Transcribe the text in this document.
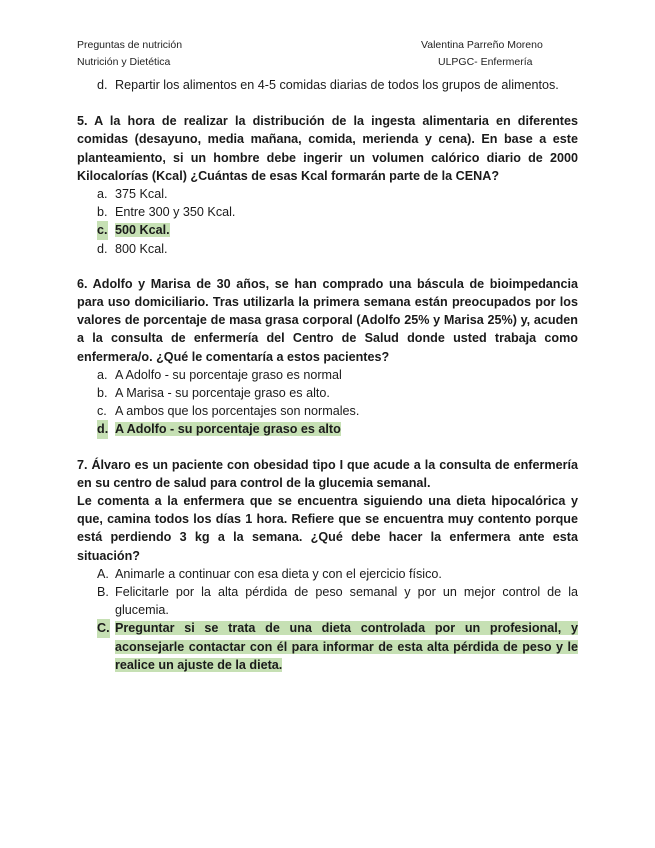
Preguntas de nutrición
Nutrición y Dietética
Valentina Parreño Moreno
ULPGC- Enfermería
d. Repartir los alimentos en 4-5 comidas diarias de todos los grupos de alimentos.
5. A la hora de realizar la distribución de la ingesta alimentaria en diferentes comidas (desayuno, media mañana, comida, merienda y cena). En base a este planteamiento, si un hombre debe ingerir un volumen calórico diario de 2000 Kilocalorías (Kcal) ¿Cuántas de esas Kcal formarán parte de la CENA?
a. 375 Kcal.
b. Entre 300 y 350 Kcal.
c. 500 Kcal.
d. 800 Kcal.
6. Adolfo y Marisa de 30 años, se han comprado una báscula de bioimpedancia para uso domiciliario. Tras utilizarla la primera semana están preocupados por los valores de porcentaje de masa grasa corporal (Adolfo 25% y Marisa 25%) y, acuden a la consulta de enfermería del Centro de Salud donde usted trabaja como enfermera/o. ¿Qué le comentaría a estos pacientes?
a. A Adolfo - su porcentaje graso es normal
b. A Marisa - su porcentaje graso es alto.
c. A ambos que los porcentajes son normales.
d. A Adolfo - su porcentaje graso es alto
7. Álvaro es un paciente con obesidad tipo I que acude a la consulta de enfermería en su centro de salud para control de la glucemia semanal.
Le comenta a la enfermera que se encuentra siguiendo una dieta hipocalórica y que, camina todos los días 1 hora. Refiere que se encuentra muy contento porque está perdiendo 3 kg a la semana. ¿Qué debe hacer la enfermera ante esta situación?
A. Animarle a continuar con esa dieta y con el ejercicio físico.
B. Felicitarle por la alta pérdida de peso semanal y por un mejor control de la glucemia.
C. Preguntar si se trata de una dieta controlada por un profesional, y aconsejarle contactar con él para informar de esta alta pérdida de peso y le realice un ajuste de la dieta.
